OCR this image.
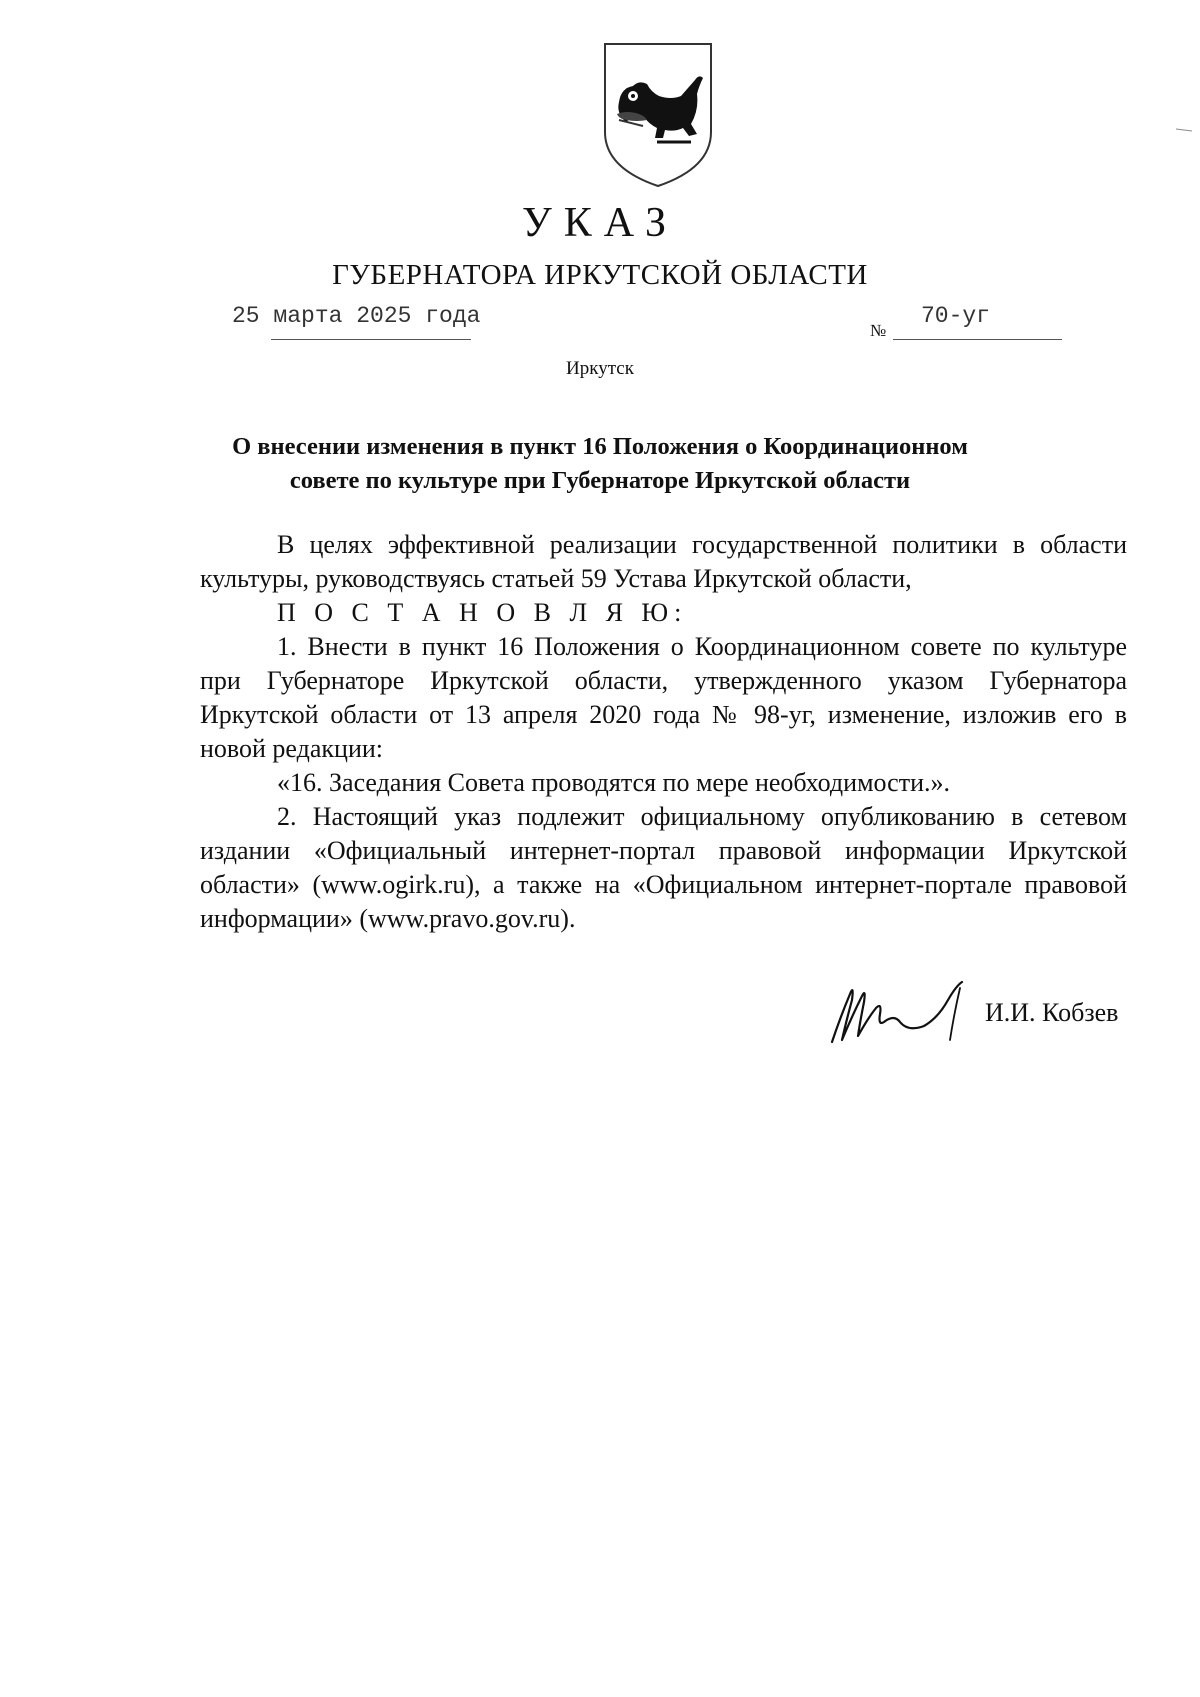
УКАЗ
ГУБЕРНАТОРА ИРКУТСКОЙ ОБЛАСТИ
25 марта 2025 года
№
70-уг
Иркутск
О внесении изменения в пункт 16 Положения о Координационном
совете по культуре при Губернаторе Иркутской области

В целях эффективной реализации государственной политики в области культуры, руководствуясь статьей 59 Устава Иркутской области,

П О С Т А Н О В Л Я Ю:

1. Внести в пункт 16 Положения о Координационном совете по культуре при Губернаторе Иркутской области, утвержденного указом Губернатора Иркутской области от 13 апреля 2020 года № 98-уг, изменение, изложив его в новой редакции:

«16. Заседания Совета проводятся по мере необходимости.».

2. Настоящий указ подлежит официальному опубликованию в сетевом издании «Официальный интернет-портал правовой информации Иркутской области» (www.ogirk.ru), а также на «Официальном интернет-портале правовой информации» (www.pravo.gov.ru).

И.И. Кобзев
